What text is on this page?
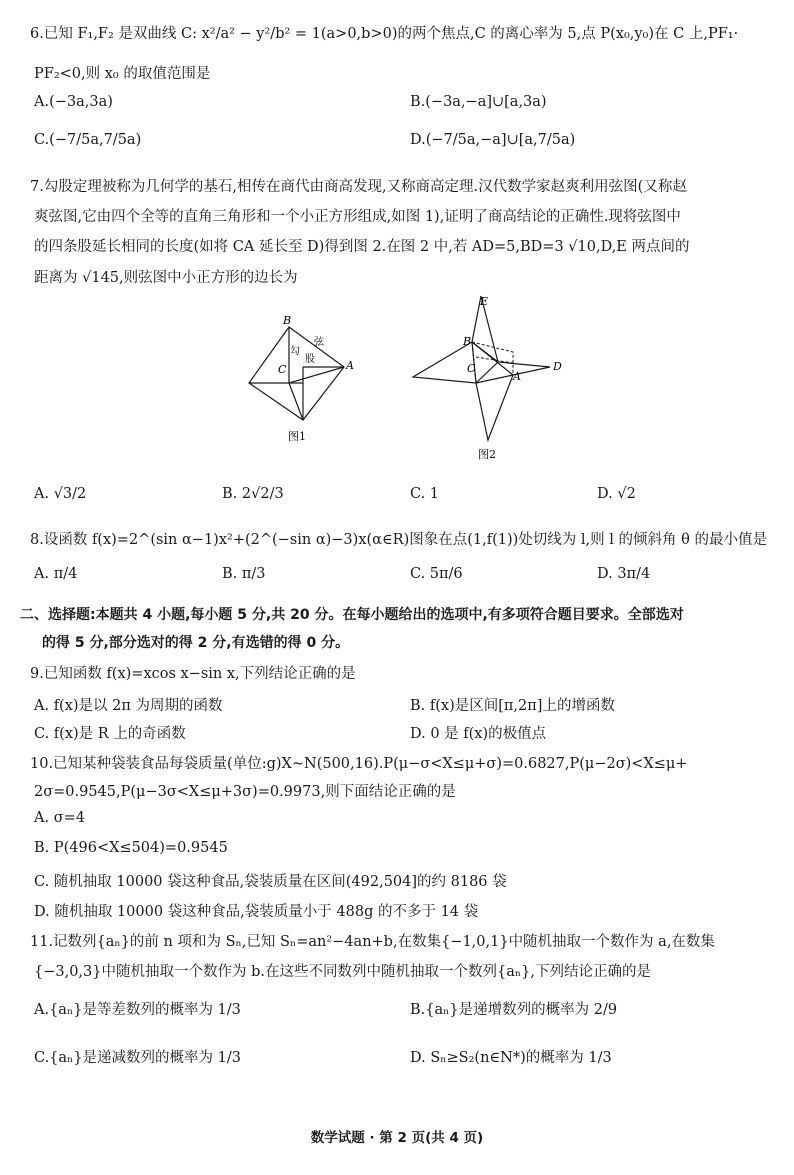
6.已知 F₁,F₂ 是双曲线 C: x²/a² − y²/b² = 1(a>0,b>0)的两个焦点,C 的离心率为 5,点 P(x₀,y₀)在 C 上,PF₁·
PF₂<0,则 x₀ 的取值范围是
A.(−3a,3a)	B.(−3a,−a]∪[a,3a)
C.(−7/5a,7/5a)	D.(−7/5a,−a]∪[a,7/5a)
7.勾股定理被称为几何学的基石,相传在商代由商高发现,又称商高定理.汉代数学家赵爽利用弦图(又称赵
爽弦图,它由四个全等的直角三角形和一个小正方形组成,如图 1),证明了商高结论的正确性.现将弦图中
的四条股延长相同的长度(如将 CA 延长至 D)得到图 2.在图 2 中,若 AD=5,BD=3 √10,D,E 两点间的
距离为 √145,则弦图中小正方形的边长为
B
C	A
勾
股
弦
图1
E
B
C
A
D
图2
A. √3/2	B. 2√2/3	C. 1	D. √2
8.设函数 f(x)=2^(sin α−1)x²+(2^(−sin α)−3)x(α∈R)图象在点(1,f(1))处切线为 l,则 l 的倾斜角 θ 的最小值是
A. π/4	B. π/3	C. 5π/6	D. 3π/4
二、选择题:本题共 4 小题,每小题 5 分,共 20 分。在每小题给出的选项中,有多项符合题目要求。全部选对
的得 5 分,部分选对的得 2 分,有选错的得 0 分。
9.已知函数 f(x)=xcos x−sin x,下列结论正确的是
A. f(x)是以 2π 为周期的函数	B. f(x)是区间[π,2π]上的增函数
C. f(x)是 R 上的奇函数	D. 0 是 f(x)的极值点
10.已知某种袋装食品每袋质量(单位:g)X~N(500,16).P(μ−σ<X≤μ+σ)=0.6827,P(μ−2σ)<X≤μ+
2σ=0.9545,P(μ−3σ<X≤μ+3σ)=0.9973,则下面结论正确的是
A. σ=4
B. P(496<X≤504)=0.9545
C. 随机抽取 10000 袋这种食品,袋装质量在区间(492,504]的约 8186 袋
D. 随机抽取 10000 袋这种食品,袋装质量小于 488g 的不多于 14 袋
11.记数列{aₙ}的前 n 项和为 Sₙ,已知 Sₙ=an²−4an+b,在数集{−1,0,1}中随机抽取一个数作为 a,在数集
{−3,0,3}中随机抽取一个数作为 b.在这些不同数列中随机抽取一个数列{aₙ},下列结论正确的是
A.{aₙ}是等差数列的概率为 1/3	B.{aₙ}是递增数列的概率为 2/9
C.{aₙ}是递减数列的概率为 1/3	D. Sₙ≥S₂(n∈N*)的概率为 1/3
数学试题 · 第 2 页(共 4 页)
